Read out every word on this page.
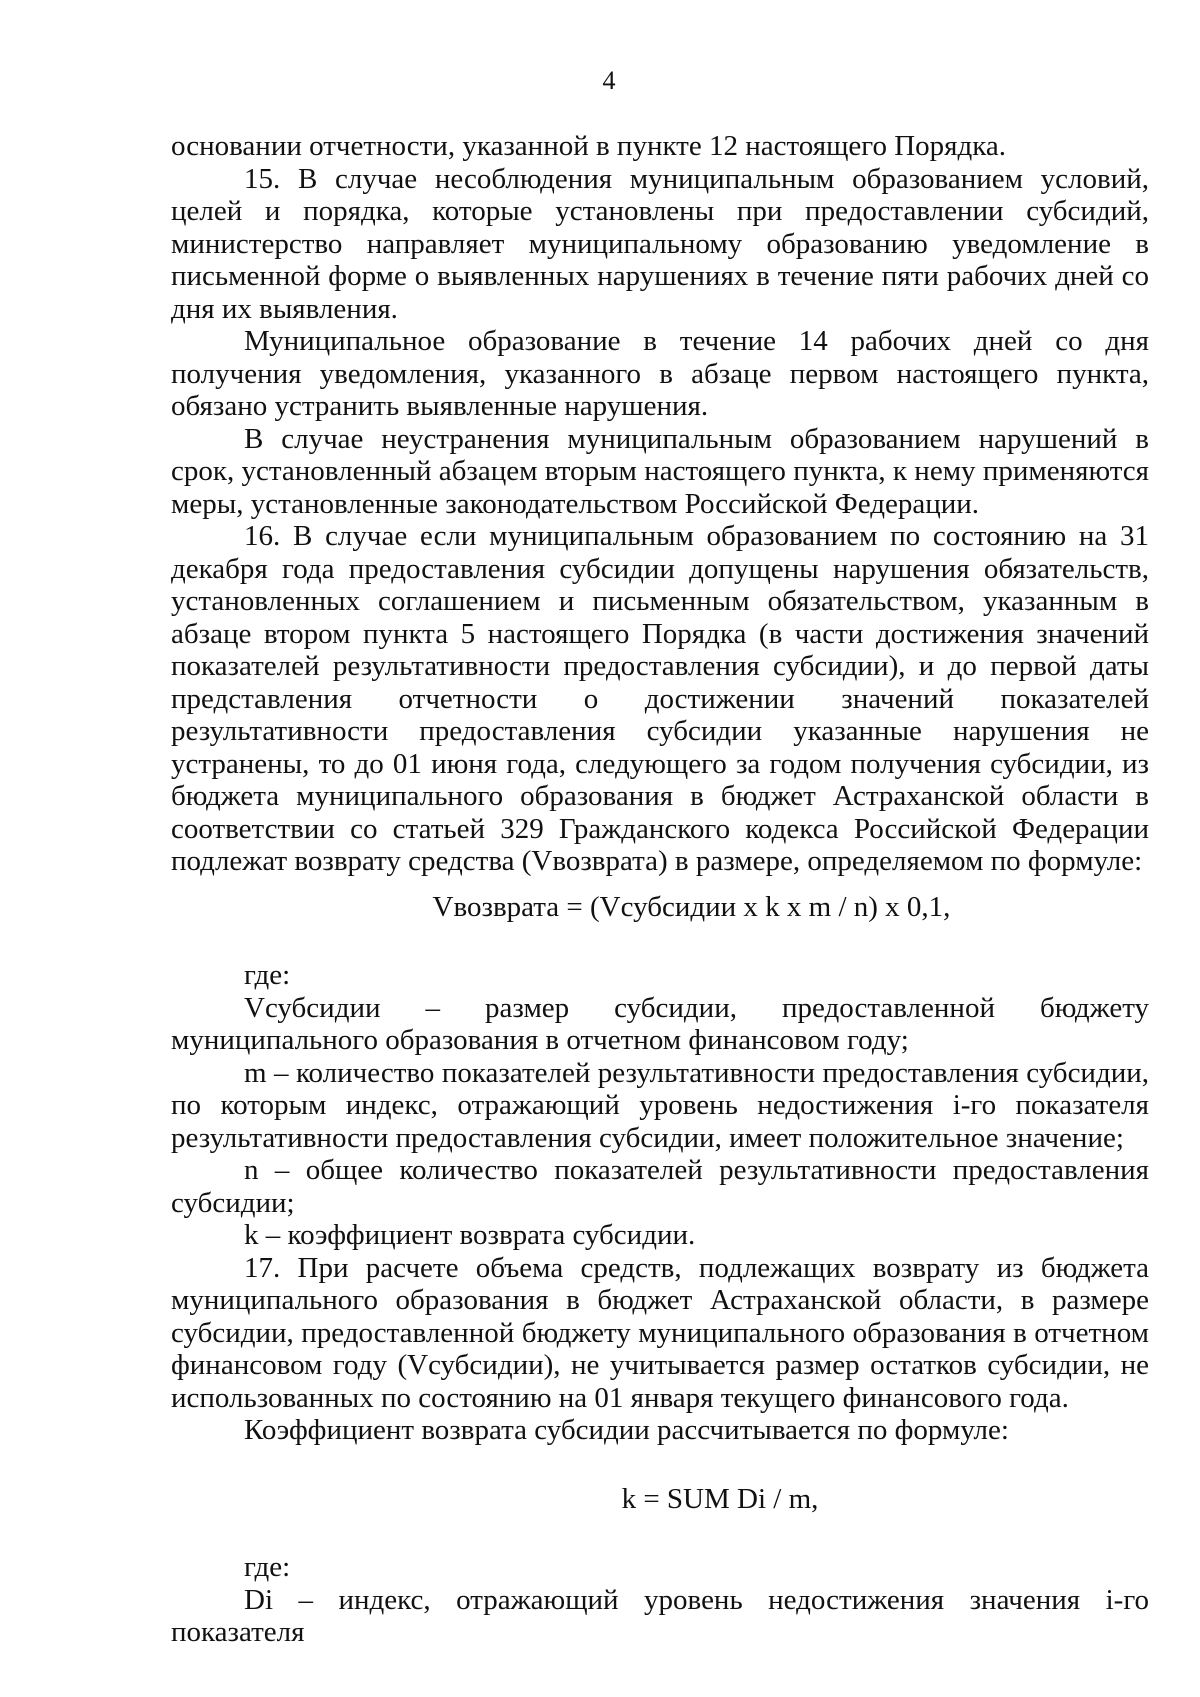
4

основании отчетности, указанной в пункте 12 настоящего Порядка.

15. В случае несоблюдения муниципальным образованием условий, целей и порядка, которые установлены при предоставлении субсидий, министерство направляет муниципальному образованию уведомление в письменной форме о выявленных нарушениях в течение пяти рабочих дней со дня их выявления.

Муниципальное образование в течение 14 рабочих дней со дня получения уведомления, указанного в абзаце первом настоящего пункта, обязано устранить выявленные нарушения.

В случае неустранения муниципальным образованием нарушений в срок, установленный абзацем вторым настоящего пункта, к нему применяются меры, установленные законодательством Российской Федерации.

16. В случае если муниципальным образованием по состоянию на 31 декабря года предоставления субсидии допущены нарушения обязательств, установленных соглашением и письменным обязательством, указанным в абзаце втором пункта 5 настоящего Порядка (в части достижения значений показателей результативности предоставления субсидии), и до первой даты представления отчетности о достижении значений показателей результативности предоставления субсидии указанные нарушения не устранены, то до 01 июня года, следующего за годом получения субсидии, из бюджета муниципального образования в бюджет Астраханской области в соответствии со статьей 329 Гражданского кодекса Российской Федерации подлежат возврату средства (Vвозврата) в размере, определяемом по формуле:

Vвозврата = (Vсубсидии x k x m / n) x 0,1,

где:

Vсубсидии – размер субсидии, предоставленной бюджету муниципального образования в отчетном финансовом году;

m – количество показателей результативности предоставления субсидии, по которым индекс, отражающий уровень недостижения i-го показателя результативности предоставления субсидии, имеет положительное значение;

n – общее количество показателей результативности предоставления субсидии;

k – коэффициент возврата субсидии.

17. При расчете объема средств, подлежащих возврату из бюджета муниципального образования в бюджет Астраханской области, в размере субсидии, предоставленной бюджету муниципального образования в отчетном финансовом году (Vсубсидии), не учитывается размер остатков субсидии, не использованных по состоянию на 01 января текущего финансового года.

Коэффициент возврата субсидии рассчитывается по формуле:

k = SUM Di / m,

где:

Di – индекс, отражающий уровень недостижения значения i-го показателя
